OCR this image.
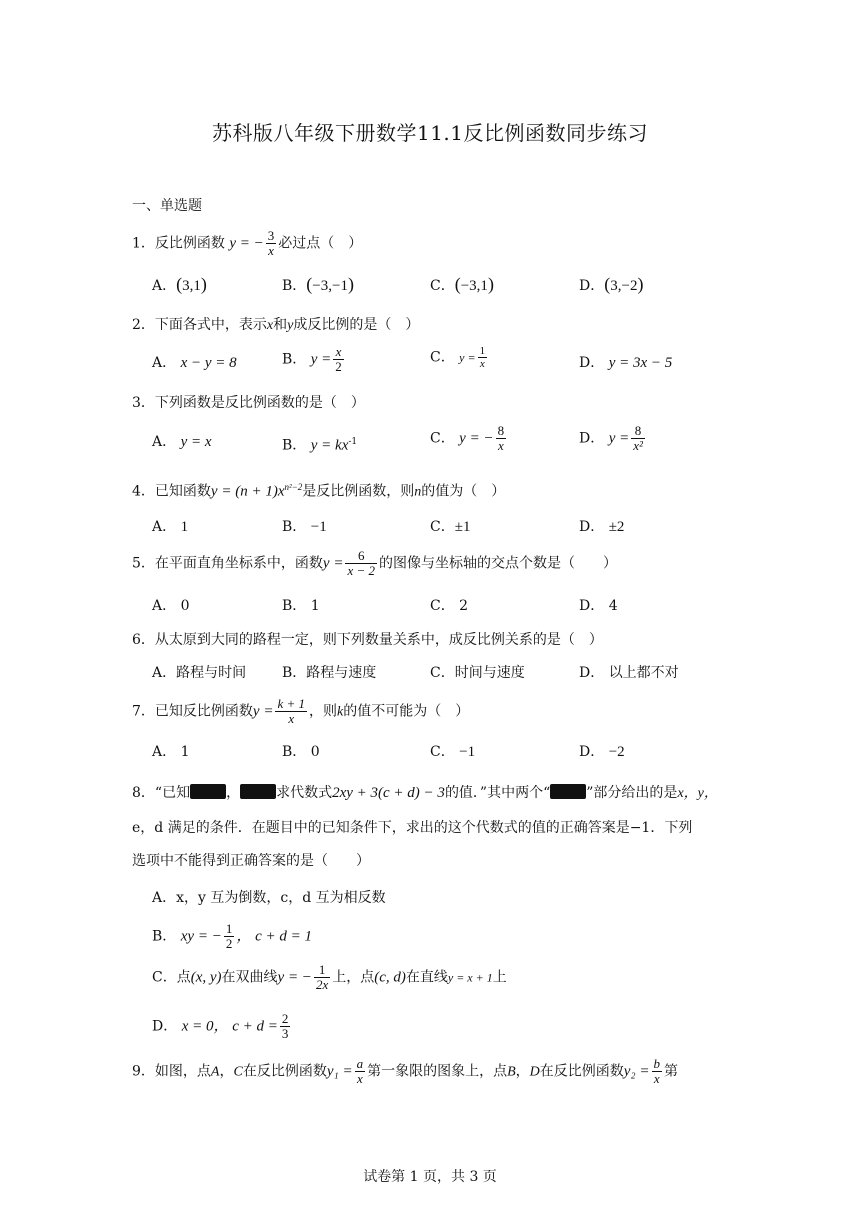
苏科版八年级下册数学11.1反比例函数同步练习
一、单选题
1．反比例函数 y = − $\frac{3}{x}$ 必过点（　）
A．(3,1)	B．(−3,−1)	C．(−3,1)	D．(3,−2)
2．下面各式中，表示x和y成反比例的是（　）
A． x − y = 8	B． $y = \frac{x}{2}$	C． $y = \frac{1}{x}$	D． y = 3x − 5
3．下列函数是反比例函数的是（　）
A． y = x	B． $y = kx^{-1}$	C． y = − $\frac{8}{x}$	D． $y = \frac{8}{\text{x²}}$
4．已知函数$y = (n + 1)x^{n^2-2}$是反比例函数，则n的值为（　）
A． 1	B． −1	C．±1	D． ±2
5．在平面直角坐标系中，函数$y = \frac{6}{x - 2}$ 的图像与坐标轴的交点个数是（　　）
A． 0	B． 1	C． 2	D． 4
6．从太原到大同的路程一定，则下列数量关系中，成反比例关系的是（　）
A．路程与时间	B．路程与速度	C．时间与速度	D． 以上都不对
7．已知反比例函数$y = \frac{k + 1}{x}$ ，则k的值不可能为（　）
A． 1	B． 0	C． −1	D． −2
8．“已知	，	求代数式2xy + 3(c + d) − 3的值．”其中两个“	”部分给出的是x，y，
e，d 满足的条件．在题目中的已知条件下，求出的这个代数式的值的正确答案是−1．下列
选项中不能得到正确答案的是（　　）
A．x，y 互为倒数，c，d 互为相反数
B． xy = − $\frac{1}{2}$ ， c + d = 1
C．点(x, y)在双曲线y = − $\frac{1}{2x}$ 上，点(c, d)在直线y = x + 1上
D． x = 0， $c + d = \frac{2}{3}$
9．如图，点A，C在反比例函数$y_1 = \frac{a}{x}$ 第一象限的图象上，点B，D在反比例函数$y_2 = \frac{b}{x}$ 第
试卷第 1 页，共 3 页
